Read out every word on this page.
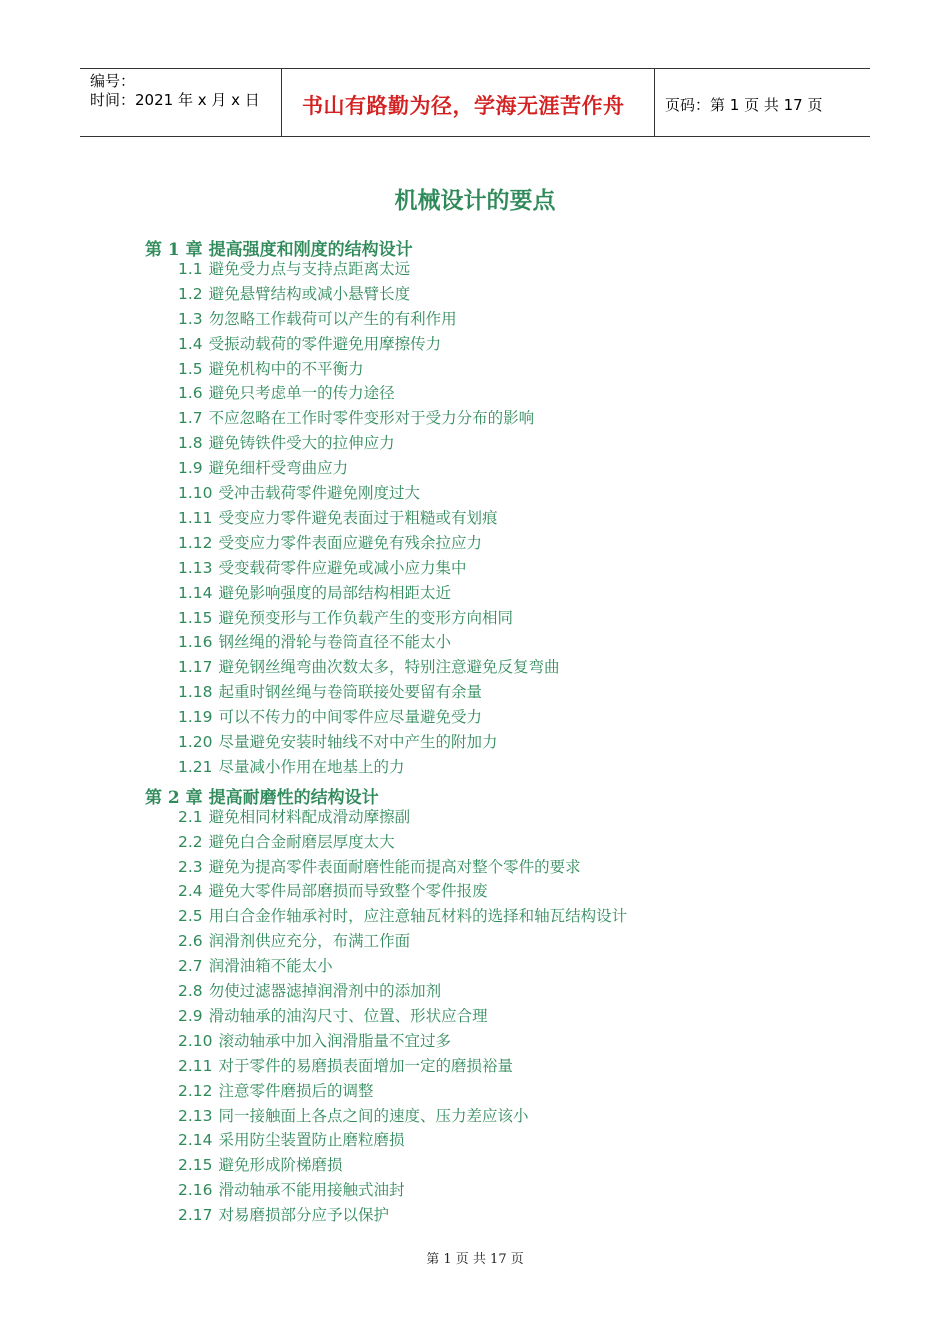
编号：
时间：2021 年 x 月 x 日 书山有路勤为径，学海无涯苦作舟	页码：第 1 页 共 17 页
机械设计的要点
第 1 章 提高强度和刚度的结构设计
1.1 避免受力点与支持点距离太远
1.2 避免悬臂结构或减小悬臂长度
1.3 勿忽略工作载荷可以产生的有利作用
1.4 受振动载荷的零件避免用摩擦传力
1.5 避免机构中的不平衡力
1.6 避免只考虑单一的传力途径
1.7 不应忽略在工作时零件变形对于受力分布的影响
1.8 避免铸铁件受大的拉伸应力
1.9 避免细杆受弯曲应力
1.10 受冲击载荷零件避免刚度过大
1.11 受变应力零件避免表面过于粗糙或有划痕
1.12 受变应力零件表面应避免有残余拉应力
1.13 受变载荷零件应避免或减小应力集中
1.14 避免影响强度的局部结构相距太近
1.15 避免预变形与工作负载产生的变形方向相同
1.16 钢丝绳的滑轮与卷筒直径不能太小
1.17 避免钢丝绳弯曲次数太多，特别注意避免反复弯曲
1.18 起重时钢丝绳与卷筒联接处要留有余量
1.19 可以不传力的中间零件应尽量避免受力
1.20 尽量避免安装时轴线不对中产生的附加力
1.21 尽量减小作用在地基上的力
第 2 章 提高耐磨性的结构设计
2.1 避免相同材料配成滑动摩擦副
2.2 避免白合金耐磨层厚度太大
2.3 避免为提高零件表面耐磨性能而提高对整个零件的要求
2.4 避免大零件局部磨损而导致整个零件报废
2.5 用白合金作轴承衬时，应注意轴瓦材料的选择和轴瓦结构设计
2.6 润滑剂供应充分，布满工作面
2.7 润滑油箱不能太小
2.8 勿使过滤器滤掉润滑剂中的添加剂
2.9 滑动轴承的油沟尺寸、位置、形状应合理
2.10 滚动轴承中加入润滑脂量不宜过多
2.11 对于零件的易磨损表面增加一定的磨损裕量
2.12 注意零件磨损后的调整
2.13 同一接触面上各点之间的速度、压力差应该小
2.14 采用防尘装置防止磨粒磨损
2.15 避免形成阶梯磨损
2.16 滑动轴承不能用接触式油封
2.17 对易磨损部分应予以保护
第 1 页 共 17 页
